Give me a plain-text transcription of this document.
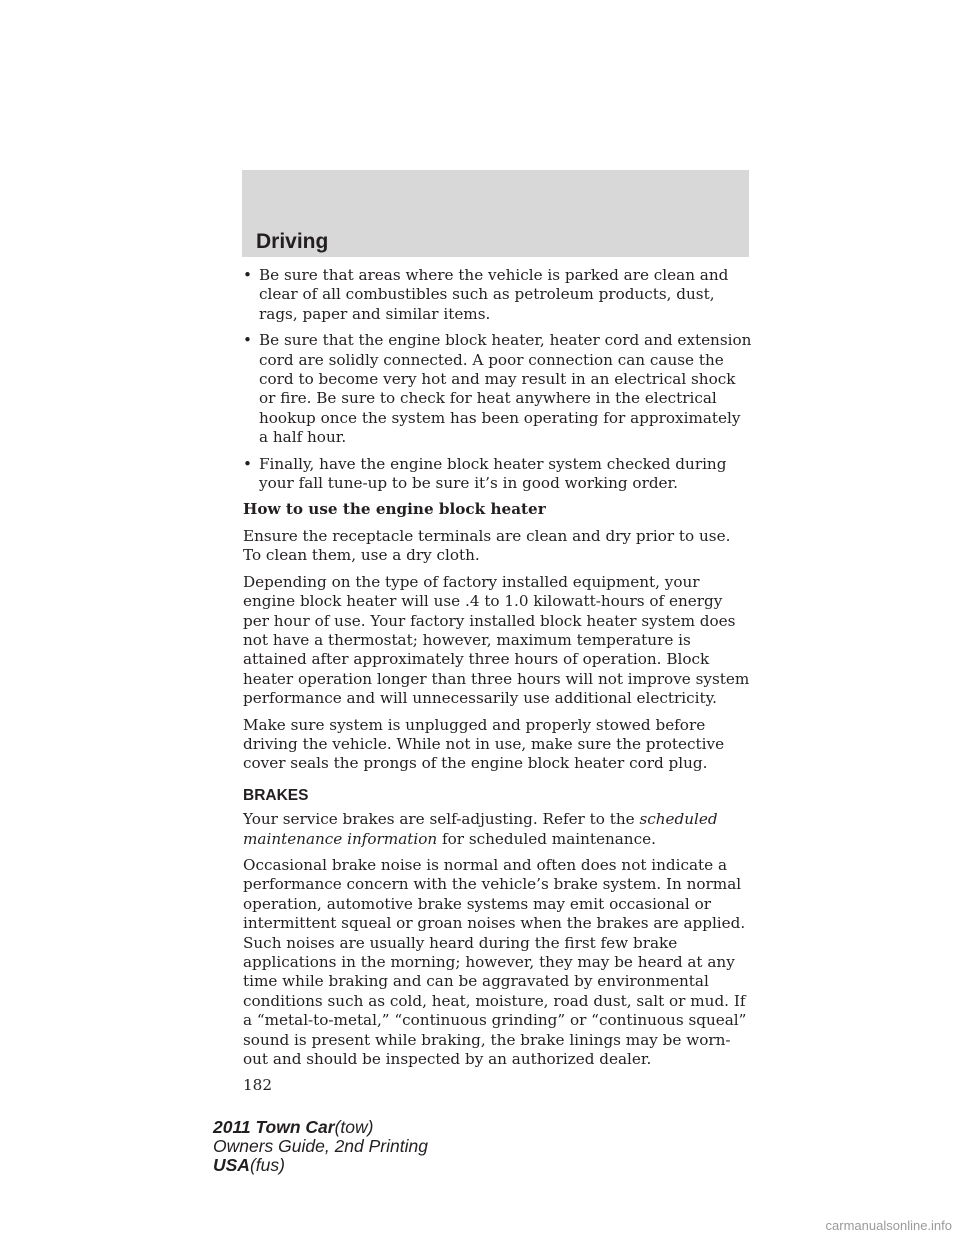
Driving
• Be sure that areas where the vehicle is parked are clean and clear of all combustibles such as petroleum products, dust, rags, paper and similar items.
• Be sure that the engine block heater, heater cord and extension cord are solidly connected. A poor connection can cause the cord to become very hot and may result in an electrical shock or fire. Be sure to check for heat anywhere in the electrical hookup once the system has been operating for approximately a half hour.
• Finally, have the engine block heater system checked during your fall tune-up to be sure it’s in good working order.

How to use the engine block heater

Ensure the receptacle terminals are clean and dry prior to use. To clean them, use a dry cloth.

Depending on the type of factory installed equipment, your engine block heater will use .4 to 1.0 kilowatt-hours of energy per hour of use. Your factory installed block heater system does not have a thermostat; however, maximum temperature is attained after approximately three hours of operation. Block heater operation longer than three hours will not improve system performance and will unnecessarily use additional electricity.

Make sure system is unplugged and properly stowed before driving the vehicle. While not in use, make sure the protective cover seals the prongs of the engine block heater cord plug.

BRAKES

Your service brakes are self-adjusting. Refer to the scheduled maintenance information for scheduled maintenance.

Occasional brake noise is normal and often does not indicate a performance concern with the vehicle’s brake system. In normal operation, automotive brake systems may emit occasional or intermittent squeal or groan noises when the brakes are applied. Such noises are usually heard during the first few brake applications in the morning; however, they may be heard at any time while braking and can be aggravated by environmental conditions such as cold, heat, moisture, road dust, salt or mud. If a “metal-to-metal,” “continuous grinding” or “continuous squeal” sound is present while braking, the brake linings may be worn-out and should be inspected by an authorized dealer.

182
2011 Town Car(tow)
Owners Guide, 2nd Printing
USA(fus)
carmanualsonline.info
